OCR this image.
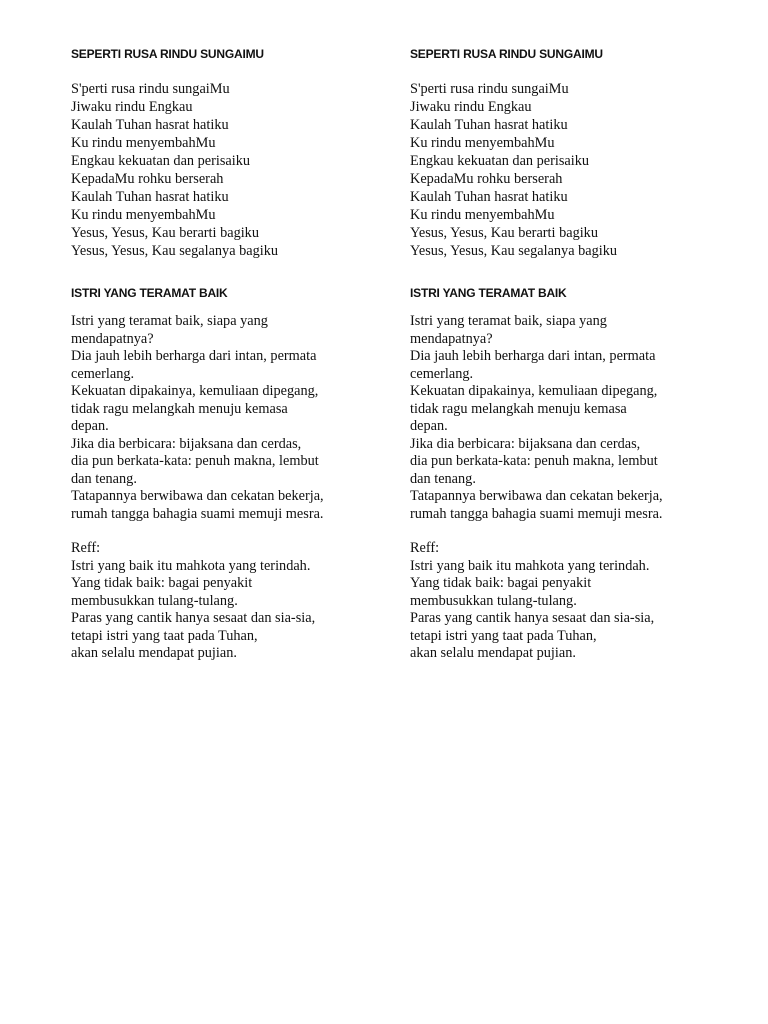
SEPERTI RUSA RINDU SUNGAIMU
S'perti rusa rindu sungaiMu
Jiwaku rindu Engkau
Kaulah Tuhan hasrat hatiku
Ku rindu menyembahMu
Engkau kekuatan dan perisaiku
KepadaMu rohku berserah
Kaulah Tuhan hasrat hatiku
Ku rindu menyembahMu
Yesus, Yesus, Kau berarti bagiku
Yesus, Yesus, Kau segalanya bagiku
ISTRI YANG TERAMAT BAIK
Istri yang teramat baik, siapa yang
mendapatnya?
Dia jauh lebih berharga dari intan, permata
cemerlang.
Kekuatan dipakainya, kemuliaan dipegang,
tidak ragu melangkah menuju kemasa
depan.
Jika dia berbicara: bijaksana dan cerdas,
dia pun berkata-kata: penuh makna, lembut
dan tenang.
Tatapannya berwibawa dan cekatan bekerja,
rumah tangga bahagia suami memuji mesra.
Reff:
Istri yang baik itu mahkota yang terindah.
Yang tidak baik: bagai penyakit
membusukkan tulang-tulang.
Paras yang cantik hanya sesaat dan sia-sia,
tetapi istri yang taat pada Tuhan,
akan selalu mendapat pujian.
SEPERTI RUSA RINDU SUNGAIMU
S'perti rusa rindu sungaiMu
Jiwaku rindu Engkau
Kaulah Tuhan hasrat hatiku
Ku rindu menyembahMu
Engkau kekuatan dan perisaiku
KepadaMu rohku berserah
Kaulah Tuhan hasrat hatiku
Ku rindu menyembahMu
Yesus, Yesus, Kau berarti bagiku
Yesus, Yesus, Kau segalanya bagiku
ISTRI YANG TERAMAT BAIK
Istri yang teramat baik, siapa yang
mendapatnya?
Dia jauh lebih berharga dari intan, permata
cemerlang.
Kekuatan dipakainya, kemuliaan dipegang,
tidak ragu melangkah menuju kemasa
depan.
Jika dia berbicara: bijaksana dan cerdas,
dia pun berkata-kata: penuh makna, lembut
dan tenang.
Tatapannya berwibawa dan cekatan bekerja,
rumah tangga bahagia suami memuji mesra.
Reff:
Istri yang baik itu mahkota yang terindah.
Yang tidak baik: bagai penyakit
membusukkan tulang-tulang.
Paras yang cantik hanya sesaat dan sia-sia,
tetapi istri yang taat pada Tuhan,
akan selalu mendapat pujian.
